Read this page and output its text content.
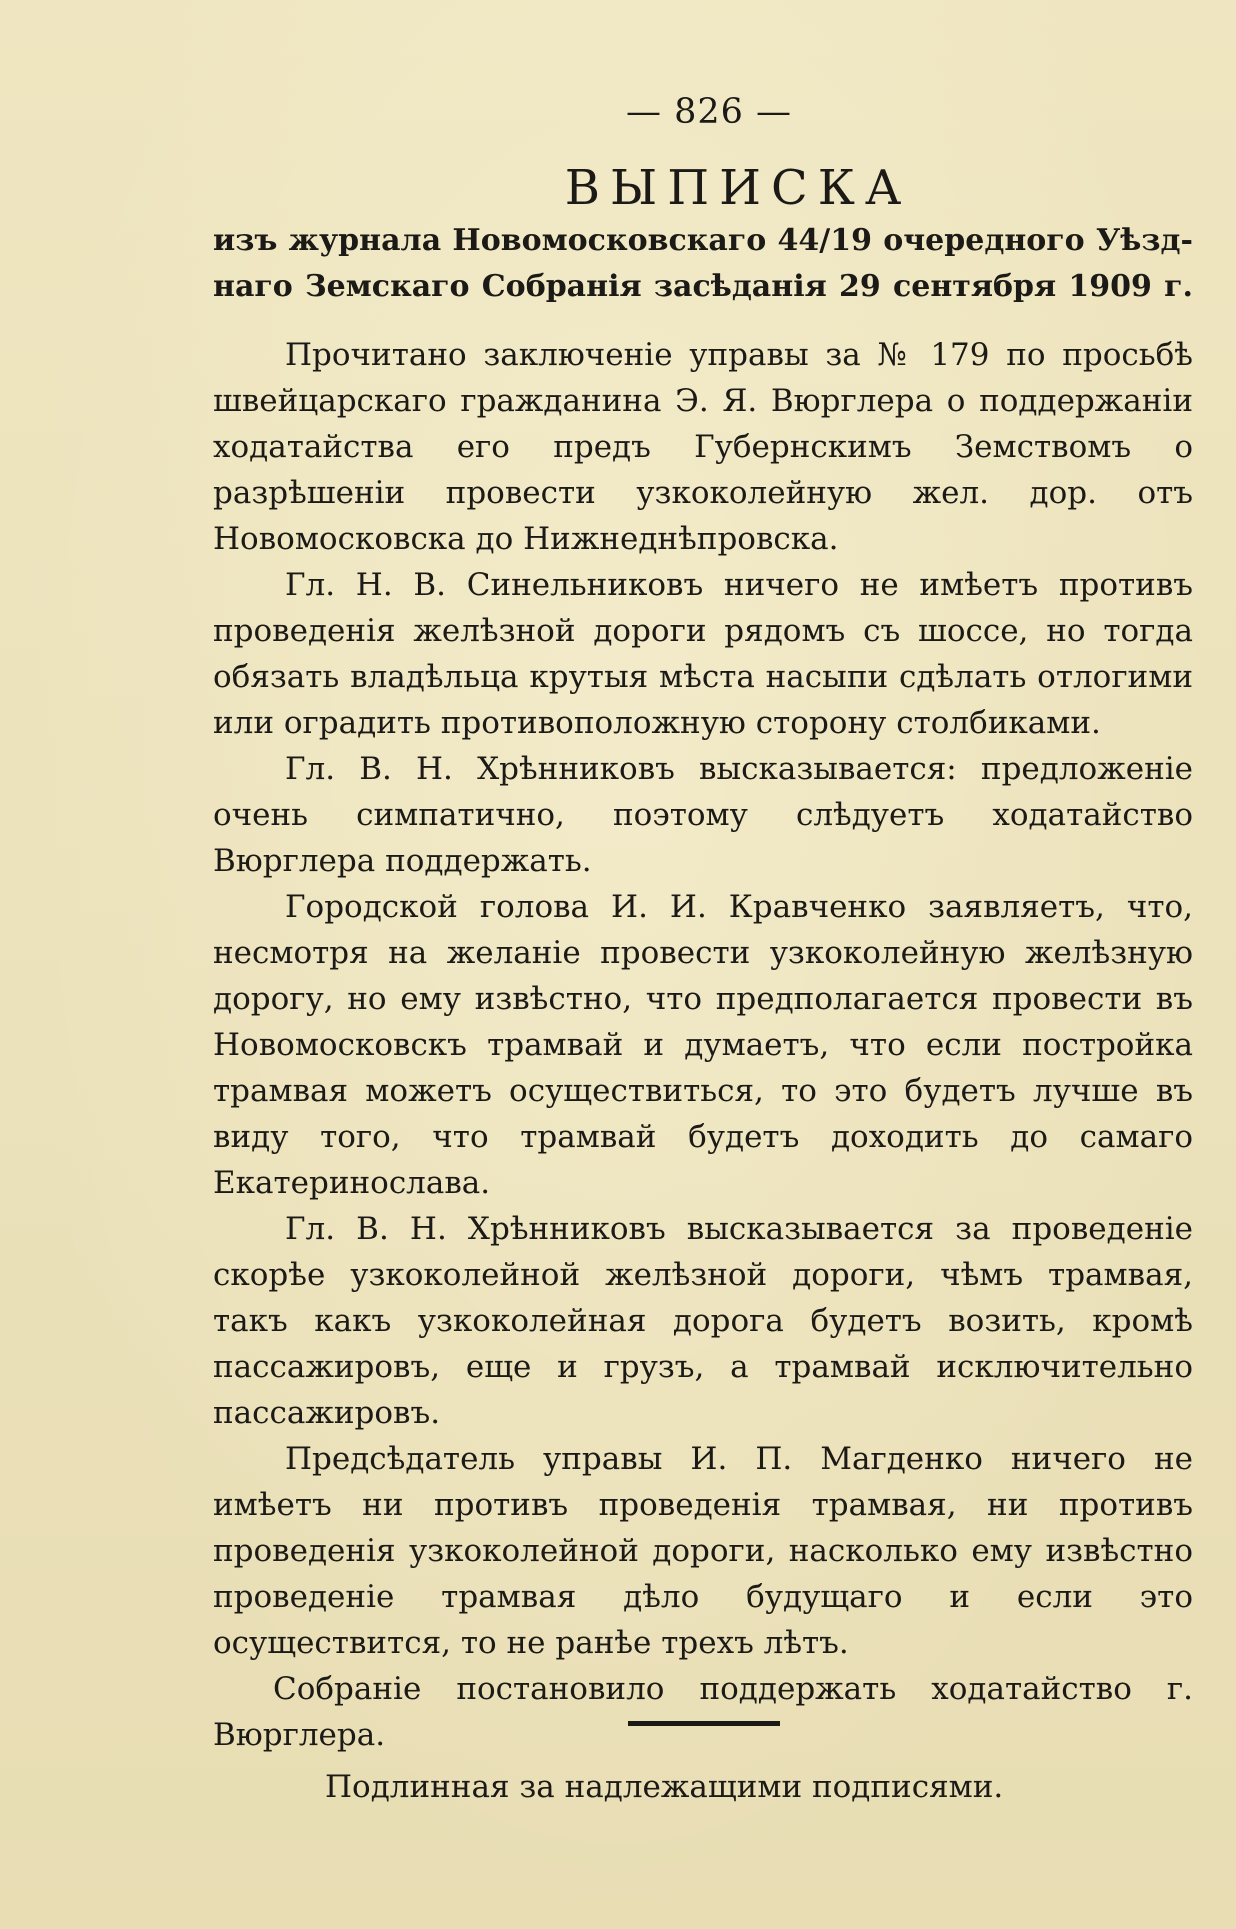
— 826 —
ВЫПИСКА

изъ журнала Новомосковскаго 44/19 очередного Уѣзд-

наго Земскаго Собранія засѣданія 29 сентября 1909 г.

Прочитано заключеніе управы за № 179 по просьбѣ швейцарскаго гражданина Э. Я. Вюрглера о поддержаніи ходатайства его предъ Губернскимъ Земствомъ о разрѣшеніи провести узкоколейную жел. дор. отъ Новомосковска до Нижнеднѣпровска.

Гл. Н. В. Синельниковъ ничего не имѣетъ противъ проведенія желѣзной дороги рядомъ съ шоссе, но тогда обязать владѣльца крутыя мѣста насыпи сдѣлать отлогими или оградить противоположную сторону столбиками.

Гл. В. Н. Хрѣнниковъ высказывается: предложеніе очень симпатично, поэтому слѣдуетъ ходатайство Вюрглера поддержать.

Городской голова И. И. Кравченко заявляетъ, что, несмотря на желаніе провести узкоколейную желѣзную дорогу, но ему извѣстно, что предполагается провести въ Новомосковскъ трамвай и думаетъ, что если постройка трамвая можетъ осуществиться, то это будетъ лучше въ виду того, что трамвай будетъ доходить до самаго Екатеринослава.

Гл. В. Н. Хрѣнниковъ высказывается за проведеніе скорѣе узкоколейной желѣзной дороги, чѣмъ трамвая, такъ какъ узкоколейная дорога будетъ возить, кромѣ пассажировъ, еще и грузъ, а трамвай исключительно пассажировъ.

Предсѣдатель управы И. П. Магденко ничего не имѣетъ ни противъ проведенія трамвая, ни противъ проведенія узкоколейной дороги, насколько ему извѣстно проведеніе трамвая дѣло будущаго и если это осуществится, то не ранѣе трехъ лѣтъ.

Собраніе постановило поддержать ходатайство г. Вюрглера.

Подлинная за надлежащими подписями.
